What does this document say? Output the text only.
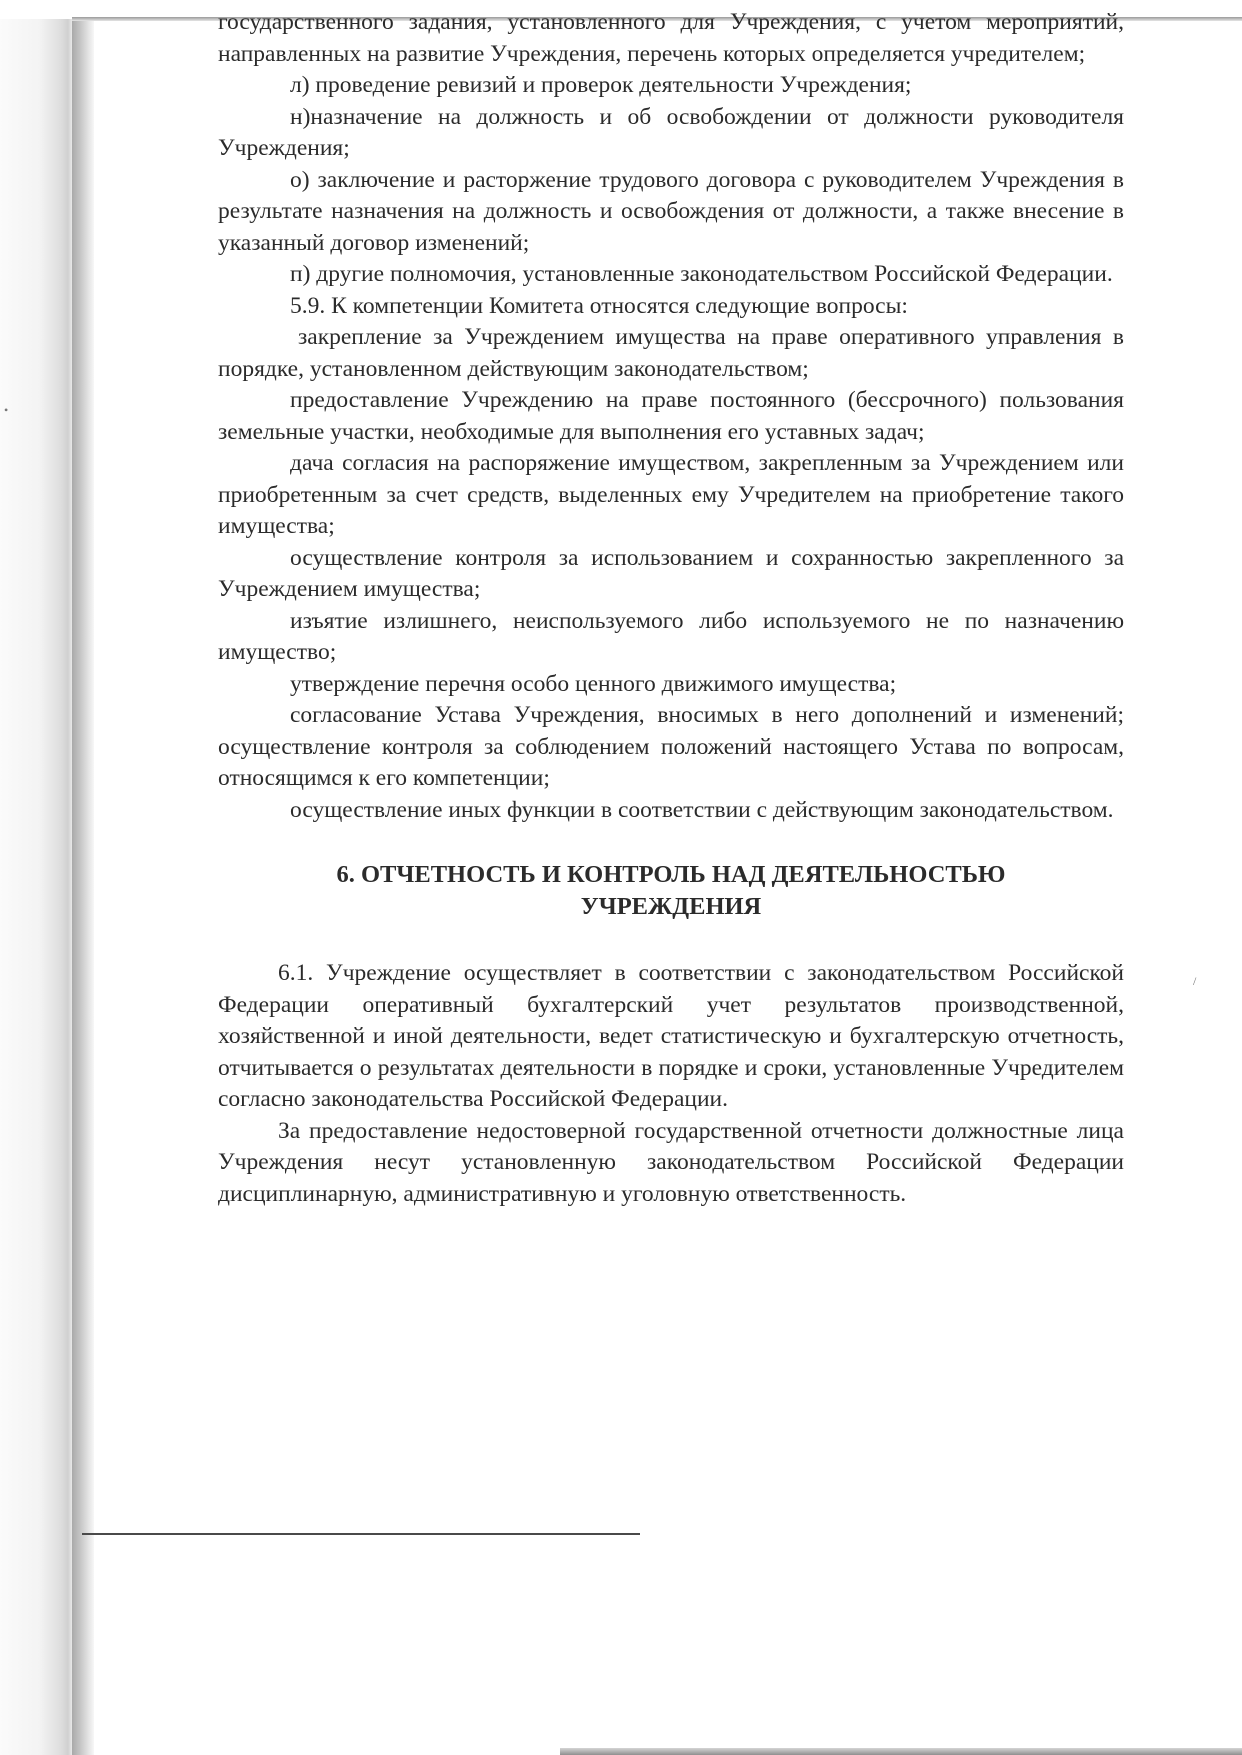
•
/

государственного задания, установленного для Учреждения, с учетом мероприятий, направленных на развитие Учреждения, перечень которых определяется учредителем;

л) проведение ревизий и проверок деятельности Учреждения;

н)назначение на должность и об освобождении от должности руководителя Учреждения;

о) заключение и расторжение трудового договора с руководителем Учреждения в результате назначения на должность и освобождения от должности, а также внесение в указанный договор изменений;

п) другие полномочия, установленные законодательством Российской Федерации.

5.9. К компетенции Комитета относятся следующие вопросы:

закрепление за Учреждением имущества на праве оперативного управления в порядке, установленном действующим законодательством;

предоставление Учреждению на праве постоянного (бессрочного) пользования земельные участки, необходимые для выполнения его уставных задач;

дача согласия на распоряжение имуществом, закрепленным за Учреждением или приобретенным за счет средств, выделенных ему Учредителем на приобретение такого имущества;

осуществление контроля за использованием и сохранностью закрепленного за Учреждением имущества;

изъятие излишнего, неиспользуемого либо используемого не по назначению имущество;

утверждение перечня особо ценного движимого имущества;

согласование Устава Учреждения, вносимых в него дополнений и изменений; осуществление контроля за соблюдением положений настоящего Устава по вопросам, относящимся к его компетенции;

осуществление иных функции в соответствии с действующим законодательством.

6. ОТЧЕТНОСТЬ И КОНТРОЛЬ НАД ДЕЯТЕЛЬНОСТЬЮ
УЧРЕЖДЕНИЯ

6.1. Учреждение осуществляет в соответствии с законодательством Российской Федерации оперативный бухгалтерский учет результатов производственной, хозяйственной и иной деятельности, ведет статистическую и бухгалтерскую отчетность, отчитывается о результатах деятельности в порядке и сроки, установленные Учредителем согласно законодательства Российской Федерации.

За предоставление недостоверной государственной отчетности должностные лица Учреждения несут установленную законодательством Российской Федерации дисциплинарную, административную и уголовную ответственность.
